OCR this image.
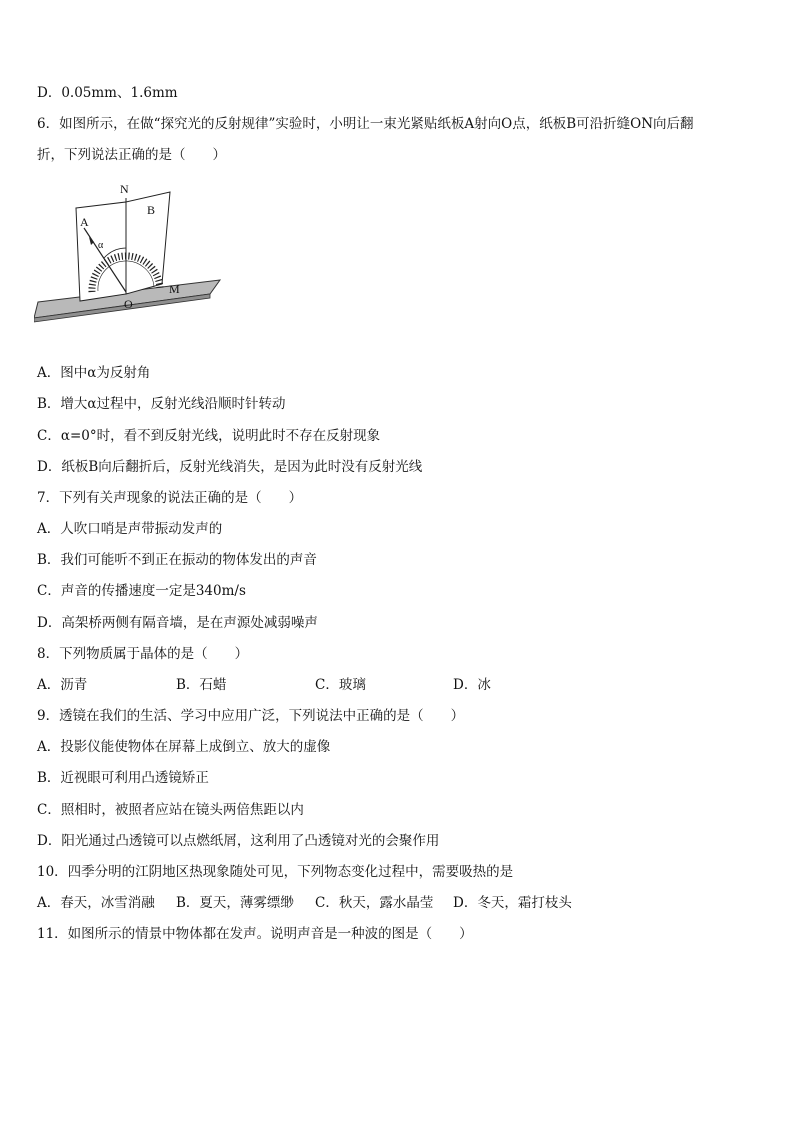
D．0.05mm、1.6mm
6．如图所示，在做“探究光的反射规律”实验时，小明让一束光紧贴纸板A射向O点，纸板B可沿折缝ON向后翻
折，下列说法正确的是（　　）
N
A
B
α
O
M
A．图中α为反射角
B．增大α过程中，反射光线沿顺时针转动
C．α=0°时，看不到反射光线，说明此时不存在反射现象
D．纸板B向后翻折后，反射光线消失，是因为此时没有反射光线
7．下列有关声现象的说法正确的是（　　）
A．人吹口哨是声带振动发声的
B．我们可能听不到正在振动的物体发出的声音
C．声音的传播速度一定是340m/s
D．高架桥两侧有隔音墙，是在声源处减弱噪声
8．下列物质属于晶体的是（　　）
A．沥青	B．石蜡	C．玻璃	D．冰
9．透镜在我们的生活、学习中应用广泛，下列说法中正确的是（　　）
A．投影仪能使物体在屏幕上成倒立、放大的虚像
B．近视眼可利用凸透镜矫正
C．照相时，被照者应站在镜头两倍焦距以内
D．阳光通过凸透镜可以点燃纸屑，这利用了凸透镜对光的会聚作用
10．四季分明的江阴地区热现象随处可见，下列物态变化过程中，需要吸热的是
A．春天，冰雪消融 B．夏天，薄雾缥缈 C．秋天，露水晶莹 D．冬天，霜打枝头
11．如图所示的情景中物体都在发声。说明声音是一种波的图是（　　）
